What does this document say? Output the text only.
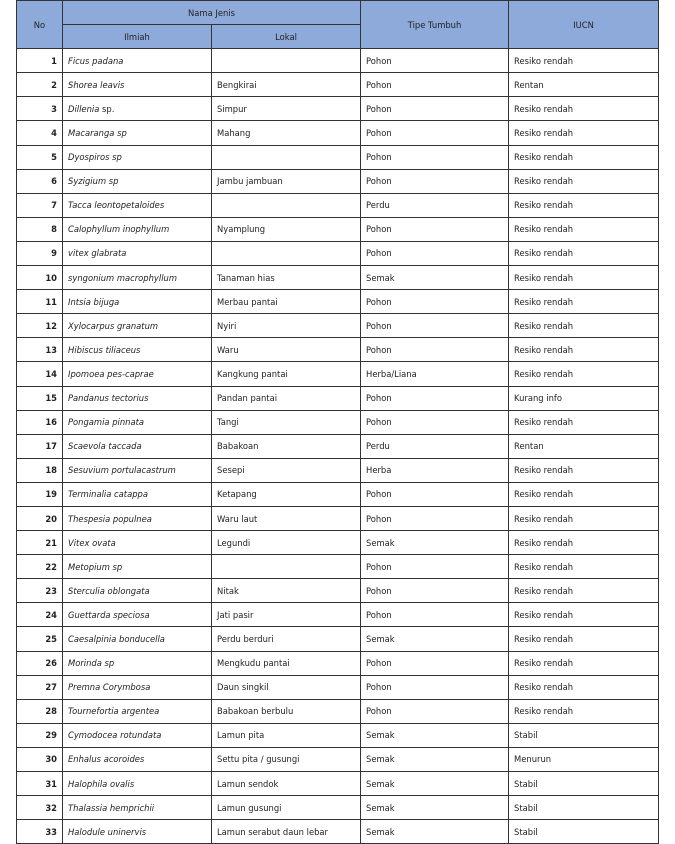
No	Nama Jenis		Tipe Tumbuh	IUCN
	Ilmiah	Lokal		
1	Ficus padana		Pohon	Resiko rendah
2	Shorea leavis	Bengkirai	Pohon	Rentan
3	Dillenia sp.	Simpur	Pohon	Resiko rendah
4	Macaranga sp	Mahang	Pohon	Resiko rendah
5	Dyospiros sp		Pohon	Resiko rendah
6	Syzigium sp	Jambu jambuan	Pohon	Resiko rendah
7	Tacca leontopetaloides		Perdu	Resiko rendah
8	Calophyllum inophyllum	Nyamplung	Pohon	Resiko rendah
9	vitex glabrata		Pohon	Resiko rendah
10	syngonium macrophyllum	Tanaman hias	Semak	Resiko rendah
11	Intsia bijuga	Merbau pantai	Pohon	Resiko rendah
12	Xylocarpus granatum	Nyiri	Pohon	Resiko rendah
13	Hibiscus tiliaceus	Waru	Pohon	Resiko rendah
14	Ipomoea pes-caprae	Kangkung pantai	Herba/Liana	Resiko rendah
15	Pandanus tectorius	Pandan pantai	Pohon	Kurang info
16	Pongamia pinnata	Tangi	Pohon	Resiko rendah
17	Scaevola taccada	Babakoan	Perdu	Rentan
18	Sesuvium portulacastrum	Sesepi	Herba	Resiko rendah
19	Terminalia catappa	Ketapang	Pohon	Resiko rendah
20	Thespesia populnea	Waru laut	Pohon	Resiko rendah
21	Vitex ovata	Legundi	Semak	Resiko rendah
22	Metopium sp		Pohon	Resiko rendah
23	Sterculia oblongata	Nitak	Pohon	Resiko rendah
24	Guettarda speciosa	Jati pasir	Pohon	Resiko rendah
25	Caesalpinia bonducella	Perdu berduri	Semak	Resiko rendah
26	Morinda sp	Mengkudu pantai	Pohon	Resiko rendah
27	Premna Corymbosa	Daun singkil	Pohon	Resiko rendah
28	Tournefortia argentea	Babakoan berbulu	Pohon	Resiko rendah
29	Cymodocea rotundata	Lamun pita	Semak	Stabil
30	Enhalus acoroides	Settu pita / gusungi	Semak	Menurun
31	Halophila ovalis	Lamun sendok	Semak	Stabil
32	Thalassia hemprichii	Lamun gusungi	Semak	Stabil
33	Halodule uninervis	Lamun serabut daun lebar	Semak	Stabil
